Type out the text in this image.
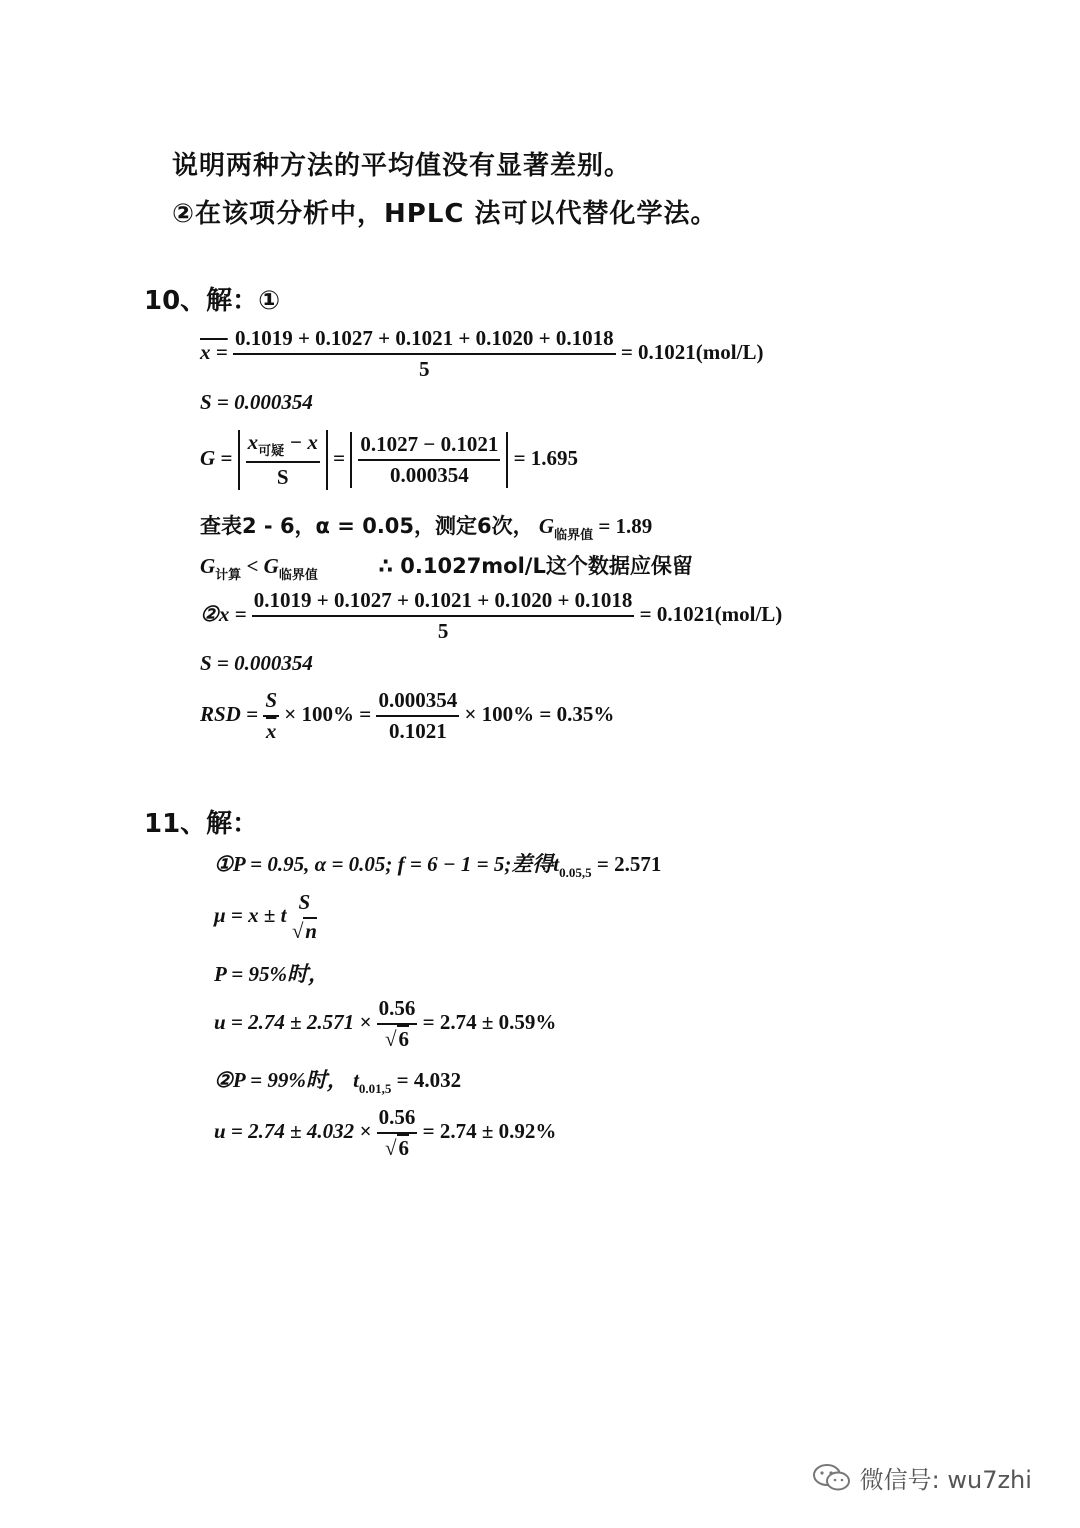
说明两种方法的平均值没有显著差别。
②在该项分析中，HPLC 法可以代替化学法。
10、解：①
$x = \frac{0.1019 + 0.1027 + 0.1021 + 0.1020 + 0.1018}{5} = 0.1021(mol/L)$
S = 0.000354
$G = \frac{x_{可疑} - x}{S} = \frac{0.1027 - 0.1021}{0.000354} = 1.695$
查表2 - 6，α = 0.05，测定6次， $G_{临界值} = 1.89$
$G_{计算} < G_{临界值}$	∴ 0.1027mol/L这个数据应保留
②x = $\frac{0.1019 + 0.1027 + 0.1021 + 0.1020 + 0.1018}{5} = 0.1021(mol/L)$
S = 0.000354
RSD = $\frac{S}{x} \times 100\% = \frac{0.000354}{0.1021} \times 100\% = 0.35\%$
11、解：
①P = 0.95, α = 0.05; f = 6 − 1 = 5;差得$t_{0.05,5} = 2.571$
μ = x ± t
S
√n
P = 95%时，
$u = 2.74 \pm 2.571 \times \frac{0.56}{√6} = 2.74 \pm 0.59\%$
②P = 99%时， $t_{0.01,5} = 4.032$
$u = 2.74 \pm 4.032 \times \frac{0.56}{√6} = 2.74 \pm 0.92\%$
微信号: wu7zhi
